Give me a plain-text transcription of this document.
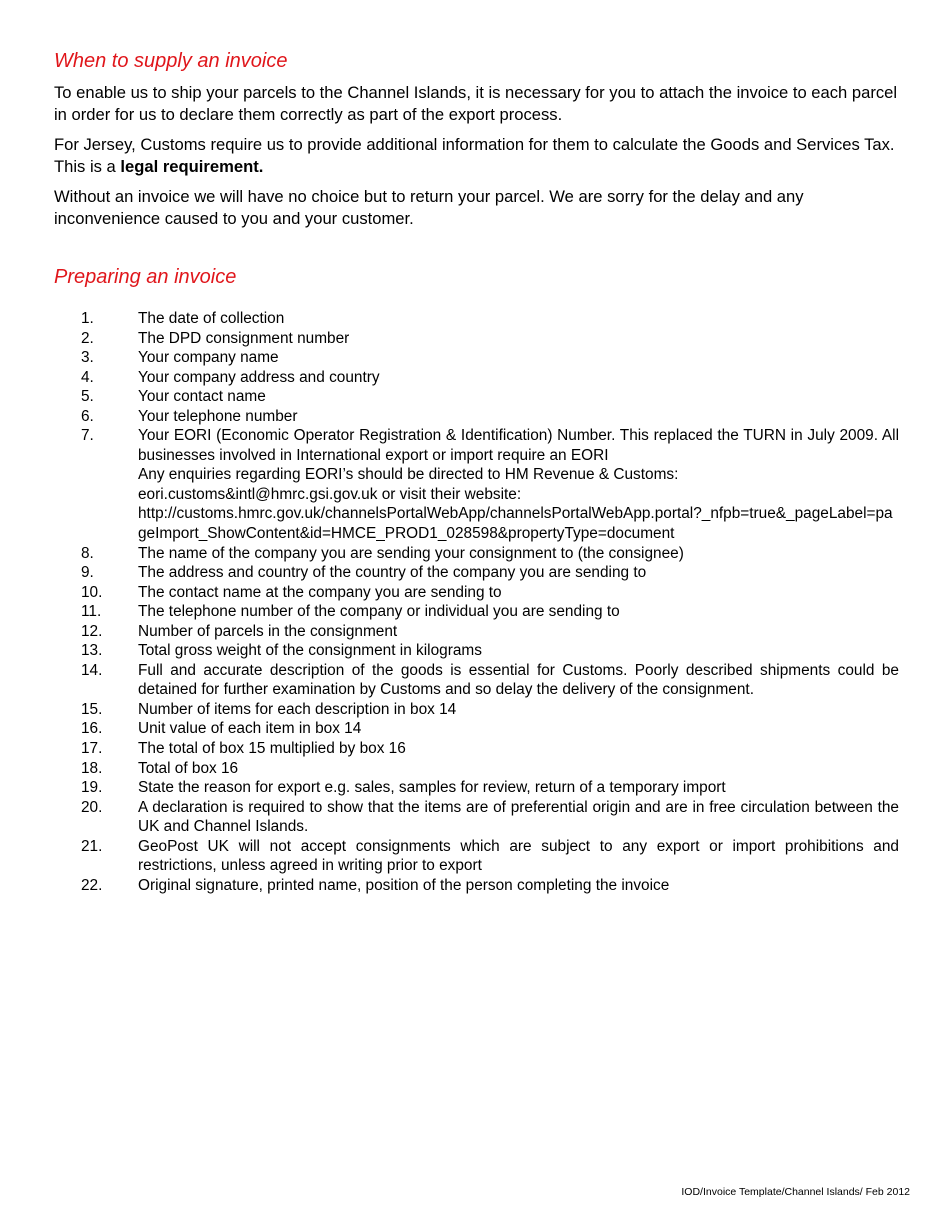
When to supply an invoice

To enable us to ship your parcels to the Channel Islands, it is necessary for you to attach the invoice to each parcel in order for us to declare them correctly as part of the export process.

For Jersey, Customs require us to provide additional information for them to calculate the Goods and Services Tax. This is a legal requirement.

Without an invoice we will have no choice but to return your parcel. We are sorry for the delay and any inconvenience caused to you and your customer.

Preparing an invoice
1.	The date of collection
2.	The DPD consignment number
3.	Your company name
4.	Your company address and country
5.	Your contact name
6.	Your telephone number
7.	Your EORI (Economic Operator Registration & Identification) Number. This replaced the TURN in July 2009. All businesses involved in International export or import require an EORI
Any enquiries regarding EORI’s should be directed to HM Revenue & Customs:
eori.customs&intl@hmrc.gsi.gov.uk or visit their website:
http://customs.hmrc.gov.uk/channelsPortalWebApp/channelsPortalWebApp.portal?_nfpb=true&_pageLabel=pageImport_ShowContent&id=HMCE_PROD1_028598&propertyType=document
8.	The name of the company you are sending your consignment to (the consignee)
9.	The address and country of the country of the company you are sending to
10. The contact name at the company you are sending to
11. The telephone number of the company or individual you are sending to
12. Number of parcels in the consignment
13. Total gross weight of the consignment in kilograms
14. Full and accurate description of the goods is essential for Customs. Poorly described shipments could be detained for further examination by Customs and so delay the delivery of the consignment.
15. Number of items for each description in box 14
16. Unit value of each item in box 14
17. The total of box 15 multiplied by box 16
18. Total of box 16
19. State the reason for export e.g. sales, samples for review, return of a temporary import
20. A declaration is required to show that the items are of preferential origin and are in free circulation between the UK and Channel Islands.
21. GeoPost UK will not accept consignments which are subject to any export or import prohibitions and restrictions, unless agreed in writing prior to export
22. Original signature, printed name, position of the person completing the invoice
IOD/Invoice Template/Channel Islands/ Feb 2012
